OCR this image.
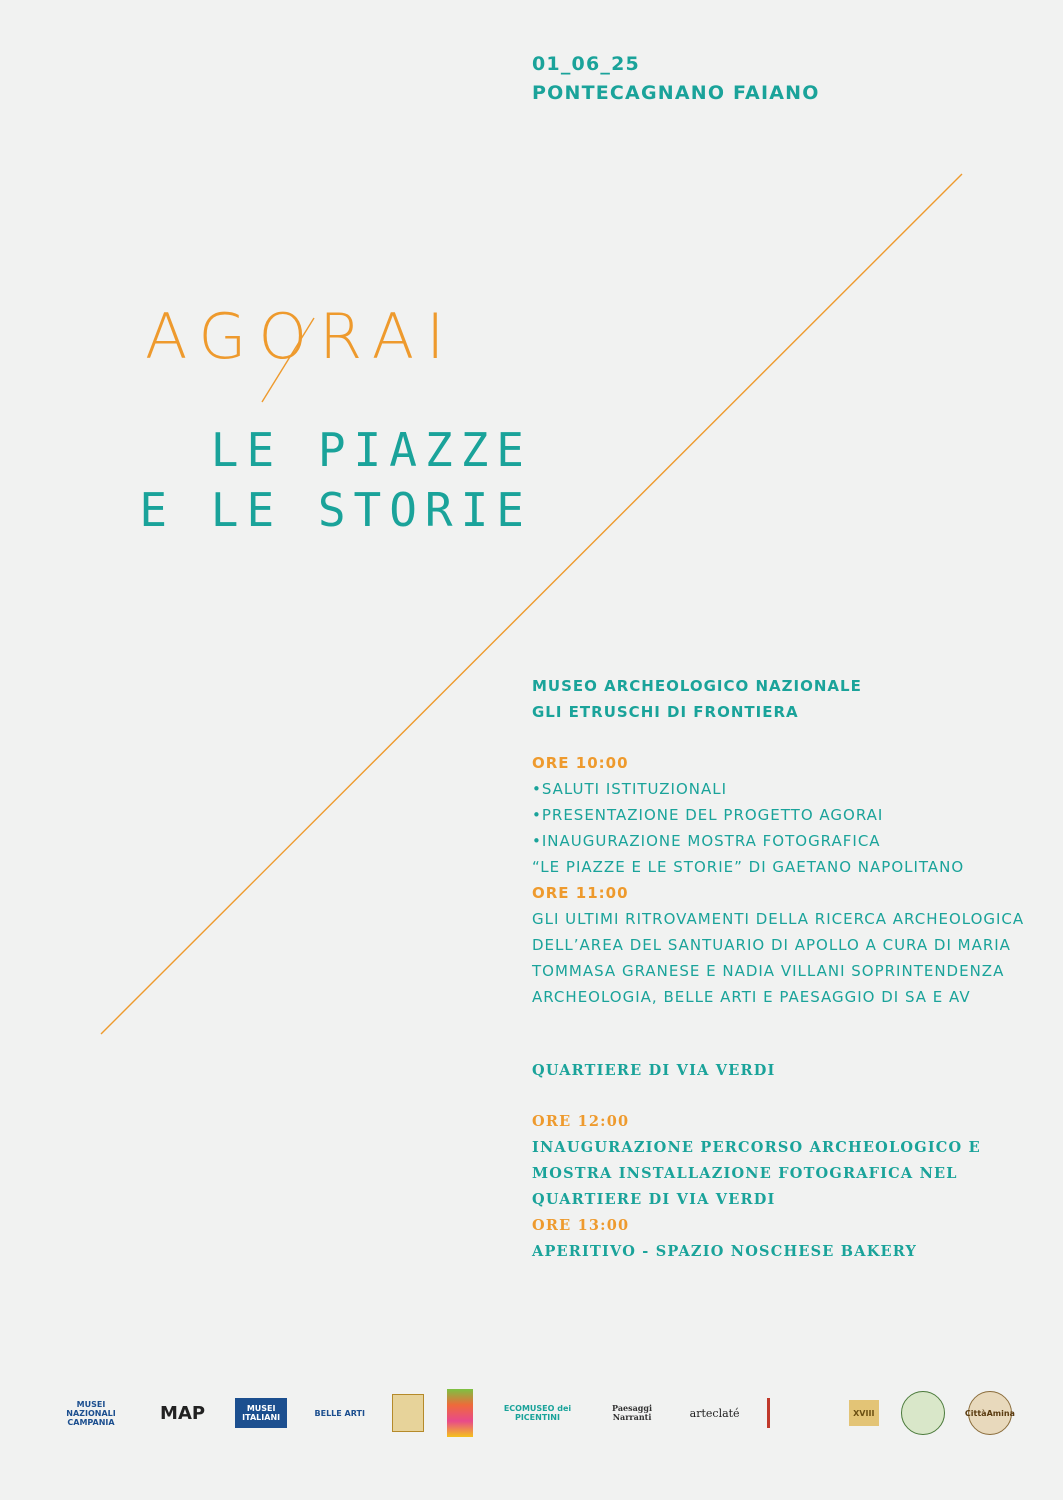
01_06_25
PONTECAGNANO FAIANO
AGORAI
LE PIAZZE
E LE STORIE
MUSEO ARCHEOLOGICO NAZIONALE
GLI ETRUSCHI DI FRONTIERA
ORE 10:00
•SALUTI ISTITUZIONALI
•PRESENTAZIONE DEL PROGETTO AGORAI
•INAUGURAZIONE MOSTRA FOTOGRAFICA
“LE PIAZZE E LE STORIE” DI GAETANO NAPOLITANO
ORE 11:00
GLI ULTIMI RITROVAMENTI DELLA RICERCA ARCHEOLOGICA
DELL’AREA DEL SANTUARIO DI APOLLO A CURA DI MARIA
TOMMASA GRANESE E NADIA VILLANI SOPRINTENDENZA
ARCHEOLOGIA, BELLE ARTI E PAESAGGIO DI SA E AV
QUARTIERE DI VIA VERDI
ORE 12:00
INAUGURAZIONE PERCORSO ARCHEOLOGICO E
MOSTRA INSTALLAZIONE FOTOGRAFICA NEL
QUARTIERE DI VIA VERDI
ORE 13:00
APERITIVO - SPAZIO NOSCHESE BAKERY
MUSEI NAZIONALI CAMPANIA	MAP	MUSEI ITALIANI	BELLE ARTI	ECOMUSEO dei PICENTINI
Paesaggi Narranti	arteclaté	XVIII	CittàAmina
